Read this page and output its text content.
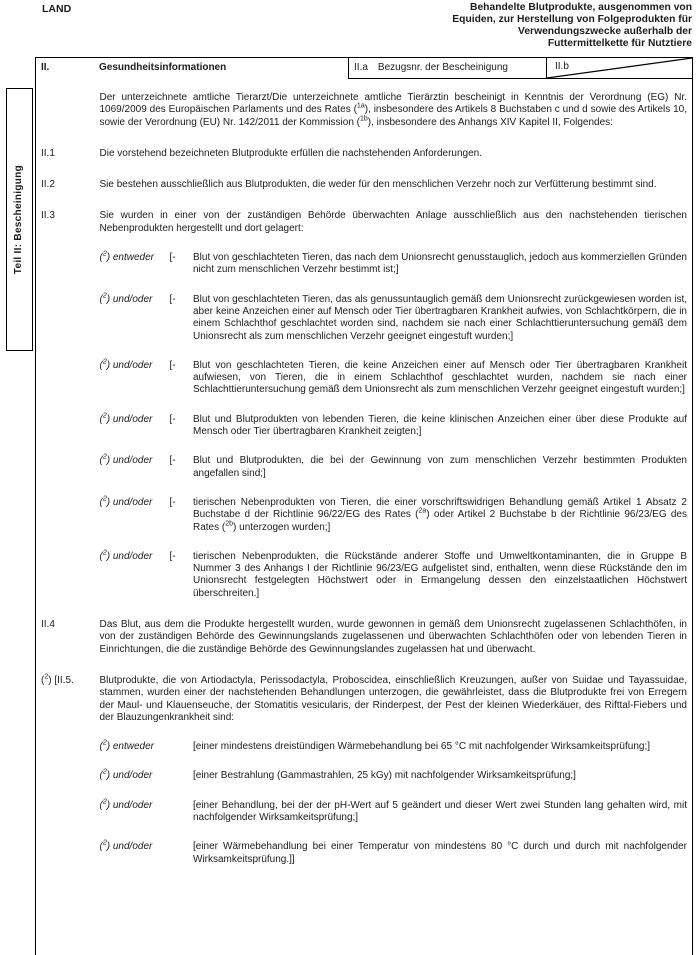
LAND	Behandelte Blutprodukte, ausgenommen von
Equiden, zur Herstellung von Folgeprodukten für
Verwendungszwecke außerhalb der
Futtermittelkette für Nutztiere
Teil II: Bescheinigung
II.	Gesundheitsinformationen	II.a Bezugsnr. der Bescheinigung	II.b
Der unterzeichnete amtliche Tierarzt/Die unterzeichnete amtliche Tierärztin bescheinigt in Kenntnis der Verordnung (EG) Nr. 1069/2009 des Europäischen Parlaments und des Rates ($^{1a}$), insbesondere des Artikels 8 Buchstaben c und d sowie des Artikels 10, sowie der Verordnung (EU) Nr. 142/2011 der Kommission ($^{1b}$), insbesondere des Anhangs XIV Kapitel II, Folgendes:
II.1	Die vorstehend bezeichneten Blutprodukte erfüllen die nachstehenden Anforderungen.
II.2	Sie bestehen ausschließlich aus Blutprodukten, die weder für den menschlichen Verzehr noch zur Verfütterung bestimmt sind.
II.3	Sie wurden in einer von der zuständigen Behörde überwachten Anlage ausschließlich aus den nachstehenden tierischen Nebenprodukten hergestellt und dort gelagert:
($^2$) entweder	[-	Blut von geschlachteten Tieren, das nach dem Unionsrecht genusstauglich, jedoch aus kommerziellen Gründen nicht zum menschlichen Verzehr bestimmt ist;]
($^2$) und/oder	[-	Blut von geschlachteten Tieren, das als genussuntauglich gemäß dem Unionsrecht zurückgewiesen worden ist, aber keine Anzeichen einer auf Mensch oder Tier übertragbaren Krankheit aufwies, von Schlachtkörpern, die in einem Schlachthof geschlachtet worden sind, nachdem sie nach einer Schlachttieruntersuchung gemäß dem Unionsrecht als zum menschlichen Verzehr geeignet eingestuft wurden;]
($^2$) und/oder	[-	Blut von geschlachteten Tieren, die keine Anzeichen einer auf Mensch oder Tier übertragbaren Krankheit aufwiesen, von Tieren, die in einem Schlachthof geschlachtet wurden, nachdem sie nach einer Schlachttieruntersuchung gemäß dem Unionsrecht als zum menschlichen Verzehr geeignet eingestuft wurden;]
($^2$) und/oder	[-	Blut und Blutprodukten von lebenden Tieren, die keine klinischen Anzeichen einer über diese Produkte auf Mensch oder Tier übertragbaren Krankheit zeigten;]
($^2$) und/oder	[-	Blut und Blutprodukten, die bei der Gewinnung von zum menschlichen Verzehr bestimmten Produkten angefallen sind;]
($^2$) und/oder	[-	tierischen Nebenprodukten von Tieren, die einer vorschriftswidrigen Behandlung gemäß Artikel 1 Absatz 2 Buchstabe d der Richtlinie 96/22/EG des Rates ($^{2a}$) oder Artikel 2 Buchstabe b der Richtlinie 96/23/EG des Rates ($^{2b}$) unterzogen wurden;]
($^2$) und/oder	[-	tierischen Nebenprodukten, die Rückstände anderer Stoffe und Umweltkontaminanten, die in Gruppe B Nummer 3 des Anhangs I der Richtlinie 96/23/EG aufgelistet sind, enthalten, wenn diese Rückstände den im Unionsrecht festgelegten Höchstwert oder in Ermangelung dessen den einzelstaatlichen Höchstwert überschreiten.]
II.4	Das Blut, aus dem die Produkte hergestellt wurden, wurde gewonnen in gemäß dem Unionsrecht zugelassenen Schlachthöfen, in von der zuständigen Behörde des Gewinnungslands zugelassenen und überwachten Schlachthöfen oder von lebenden Tieren in Einrichtungen, die die zuständige Behörde des Gewinnungslandes zugelassen hat und überwacht.
($^2$) [II.5.	Blutprodukte, die von Artiodactyla, Perissodactyla, Proboscidea, einschließlich Kreuzungen, außer von Suidae und Tayassuidae, stammen, wurden einer der nachstehenden Behandlungen unterzogen, die gewährleistet, dass die Blutprodukte frei von Erregern der Maul- und Klauenseuche, der Stomatitis vesicularis, der Rinderpest, der Pest der kleinen Wiederkäuer, des Rifttal-Fiebers und der Blauzungenkrankheit sind:
($^2$) entweder	[einer mindestens dreistündigen Wärmebehandlung bei 65 °C mit nachfolgender Wirksamkeitsprüfung;]
($^2$) und/oder	[einer Bestrahlung (Gammastrahlen, 25 kGy) mit nachfolgender Wirksamkeitsprüfung;]
($^2$) und/oder	[einer Behandlung, bei der der pH-Wert auf 5 geändert und dieser Wert zwei Stunden lang gehalten wird, mit nachfolgender Wirksamkeitsprüfung;]
($^2$) und/oder	[einer Wärmebehandlung bei einer Temperatur von mindestens 80 °C durch und durch mit nachfolgender Wirksamkeitsprüfung.]]
